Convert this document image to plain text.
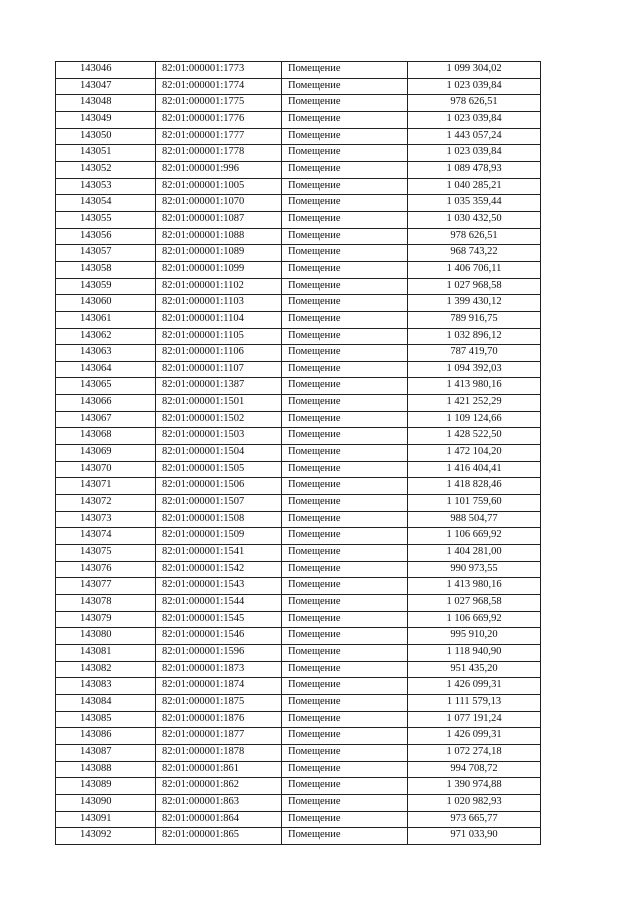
143046	82:01:000001:1773	Помещение	1 099 304,02
143047	82:01:000001:1774	Помещение	1 023 039,84
143048	82:01:000001:1775	Помещение	978 626,51
143049	82:01:000001:1776	Помещение	1 023 039,84
143050	82:01:000001:1777	Помещение	1 443 057,24
143051	82:01:000001:1778	Помещение	1 023 039,84
143052	82:01:000001:996	Помещение	1 089 478,93
143053	82:01:000001:1005	Помещение	1 040 285,21
143054	82:01:000001:1070	Помещение	1 035 359,44
143055	82:01:000001:1087	Помещение	1 030 432,50
143056	82:01:000001:1088	Помещение	978 626,51
143057	82:01:000001:1089	Помещение	968 743,22
143058	82:01:000001:1099	Помещение	1 406 706,11
143059	82:01:000001:1102	Помещение	1 027 968,58
143060	82:01:000001:1103	Помещение	1 399 430,12
143061	82:01:000001:1104	Помещение	789 916,75
143062	82:01:000001:1105	Помещение	1 032 896,12
143063	82:01:000001:1106	Помещение	787 419,70
143064	82:01:000001:1107	Помещение	1 094 392,03
143065	82:01:000001:1387	Помещение	1 413 980,16
143066	82:01:000001:1501	Помещение	1 421 252,29
143067	82:01:000001:1502	Помещение	1 109 124,66
143068	82:01:000001:1503	Помещение	1 428 522,50
143069	82:01:000001:1504	Помещение	1 472 104,20
143070	82:01:000001:1505	Помещение	1 416 404,41
143071	82:01:000001:1506	Помещение	1 418 828,46
143072	82:01:000001:1507	Помещение	1 101 759,60
143073	82:01:000001:1508	Помещение	988 504,77
143074	82:01:000001:1509	Помещение	1 106 669,92
143075	82:01:000001:1541	Помещение	1 404 281,00
143076	82:01:000001:1542	Помещение	990 973,55
143077	82:01:000001:1543	Помещение	1 413 980,16
143078	82:01:000001:1544	Помещение	1 027 968,58
143079	82:01:000001:1545	Помещение	1 106 669,92
143080	82:01:000001:1546	Помещение	995 910,20
143081	82:01:000001:1596	Помещение	1 118 940,90
143082	82:01:000001:1873	Помещение	951 435,20
143083	82:01:000001:1874	Помещение	1 426 099,31
143084	82:01:000001:1875	Помещение	1 111 579,13
143085	82:01:000001:1876	Помещение	1 077 191,24
143086	82:01:000001:1877	Помещение	1 426 099,31
143087	82:01:000001:1878	Помещение	1 072 274,18
143088	82:01:000001:861	Помещение	994 708,72
143089	82:01:000001:862	Помещение	1 390 974,88
143090	82:01:000001:863	Помещение	1 020 982,93
143091	82:01:000001:864	Помещение	973 665,77
143092	82:01:000001:865	Помещение	971 033,90
